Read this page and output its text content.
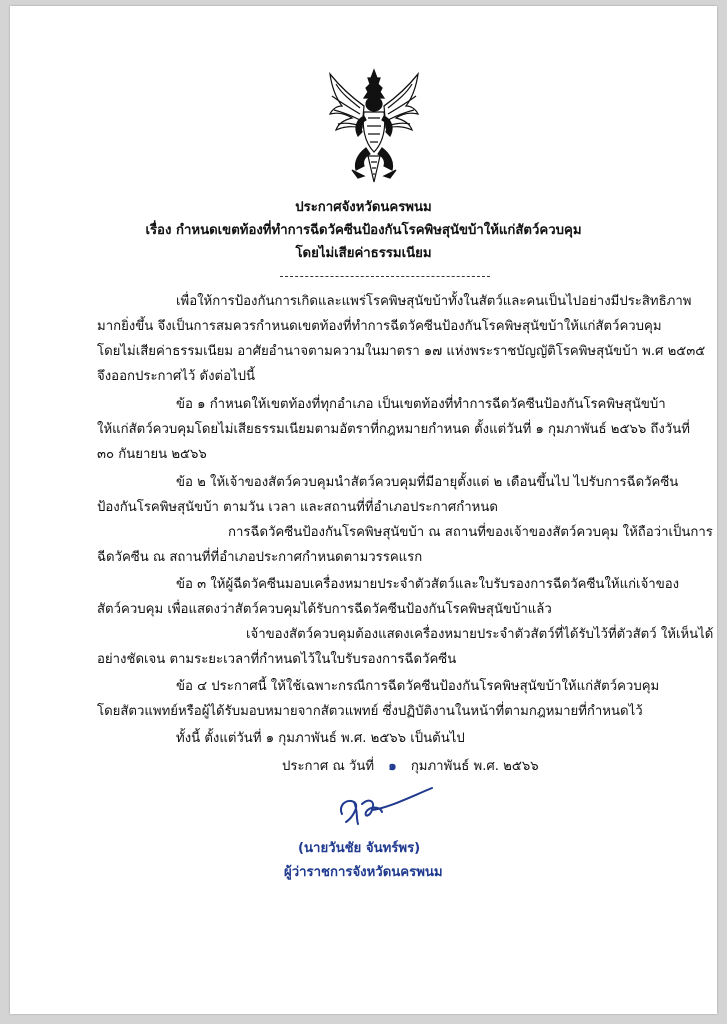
ประกาศจังหวัดนครพนม
เรื่อง กำหนดเขตท้องที่ทำการฉีดวัคซีนป้องกันโรคพิษสุนัขบ้าให้แก่สัตว์ควบคุม
โดยไม่เสียค่าธรรมเนียม
เพื่อให้การป้องกันการเกิดและแพร่โรคพิษสุนัขบ้าทั้งในสัตว์และคนเป็นไปอย่างมีประสิทธิภาพ
มากยิ่งขึ้น จึงเป็นการสมควรกำหนดเขตท้องที่ทำการฉีดวัคซีนป้องกันโรคพิษสุนัขบ้าให้แก่สัตว์ควบคุม
โดยไม่เสียค่าธรรมเนียม อาศัยอำนาจตามความในมาตรา ๑๗ แห่งพระราชบัญญัติโรคพิษสุนัขบ้า พ.ศ ๒๕๓๕
จึงออกประกาศไว้ ดังต่อไปนี้
ข้อ ๑ กำหนดให้เขตท้องที่ทุกอำเภอ เป็นเขตท้องที่ทำการฉีดวัคซีนป้องกันโรคพิษสุนัขบ้า
ให้แก่สัตว์ควบคุมโดยไม่เสียธรรมเนียมตามอัตราที่กฎหมายกำหนด ตั้งแต่วันที่ ๑ กุมภาพันธ์ ๒๕๖๖ ถึงวันที่
๓๐ กันยายน ๒๕๖๖
ข้อ ๒ ให้เจ้าของสัตว์ควบคุมนำสัตว์ควบคุมที่มีอายุตั้งแต่ ๒ เดือนขึ้นไป ไปรับการฉีดวัคซีน
ป้องกันโรคพิษสุนัขบ้า ตามวัน เวลา และสถานที่ที่อำเภอประกาศกำหนด
การฉีดวัคซีนป้องกันโรคพิษสุนัขบ้า ณ สถานที่ของเจ้าของสัตว์ควบคุม ให้ถือว่าเป็นการ
ฉีดวัคซีน ณ สถานที่ที่อำเภอประกาศกำหนดตามวรรคแรก
ข้อ ๓ ให้ผู้ฉีดวัคซีนมอบเครื่องหมายประจำตัวสัตว์และใบรับรองการฉีดวัคซีนให้แก่เจ้าของ
สัตว์ควบคุม เพื่อแสดงว่าสัตว์ควบคุมได้รับการฉีดวัคซีนป้องกันโรคพิษสุนัขบ้าแล้ว
เจ้าของสัตว์ควบคุมต้องแสดงเครื่องหมายประจำตัวสัตว์ที่ได้รับไว้ที่ตัวสัตว์ ให้เห็นได้
อย่างชัดเจน ตามระยะเวลาที่กำหนดไว้ในใบรับรองการฉีดวัคซีน
ข้อ ๔ ประกาศนี้ ให้ใช้เฉพาะกรณีการฉีดวัคซีนป้องกันโรคพิษสุนัขบ้าให้แก่สัตว์ควบคุม
โดยสัตวแพทย์หรือผู้ได้รับมอบหมายจากสัตวแพทย์ ซึ่งปฏิบัติงานในหน้าที่ตามกฎหมายที่กำหนดไว้
ทั้งนี้ ตั้งแต่วันที่ ๑ กุมภาพันธ์ พ.ศ. ๒๕๖๖ เป็นต้นไป
ประกาศ ณ วันที่ ๑ กุมภาพันธ์ พ.ศ. ๒๕๖๖
(นายวันชัย จันทร์พร)
ผู้ว่าราชการจังหวัดนครพนม
